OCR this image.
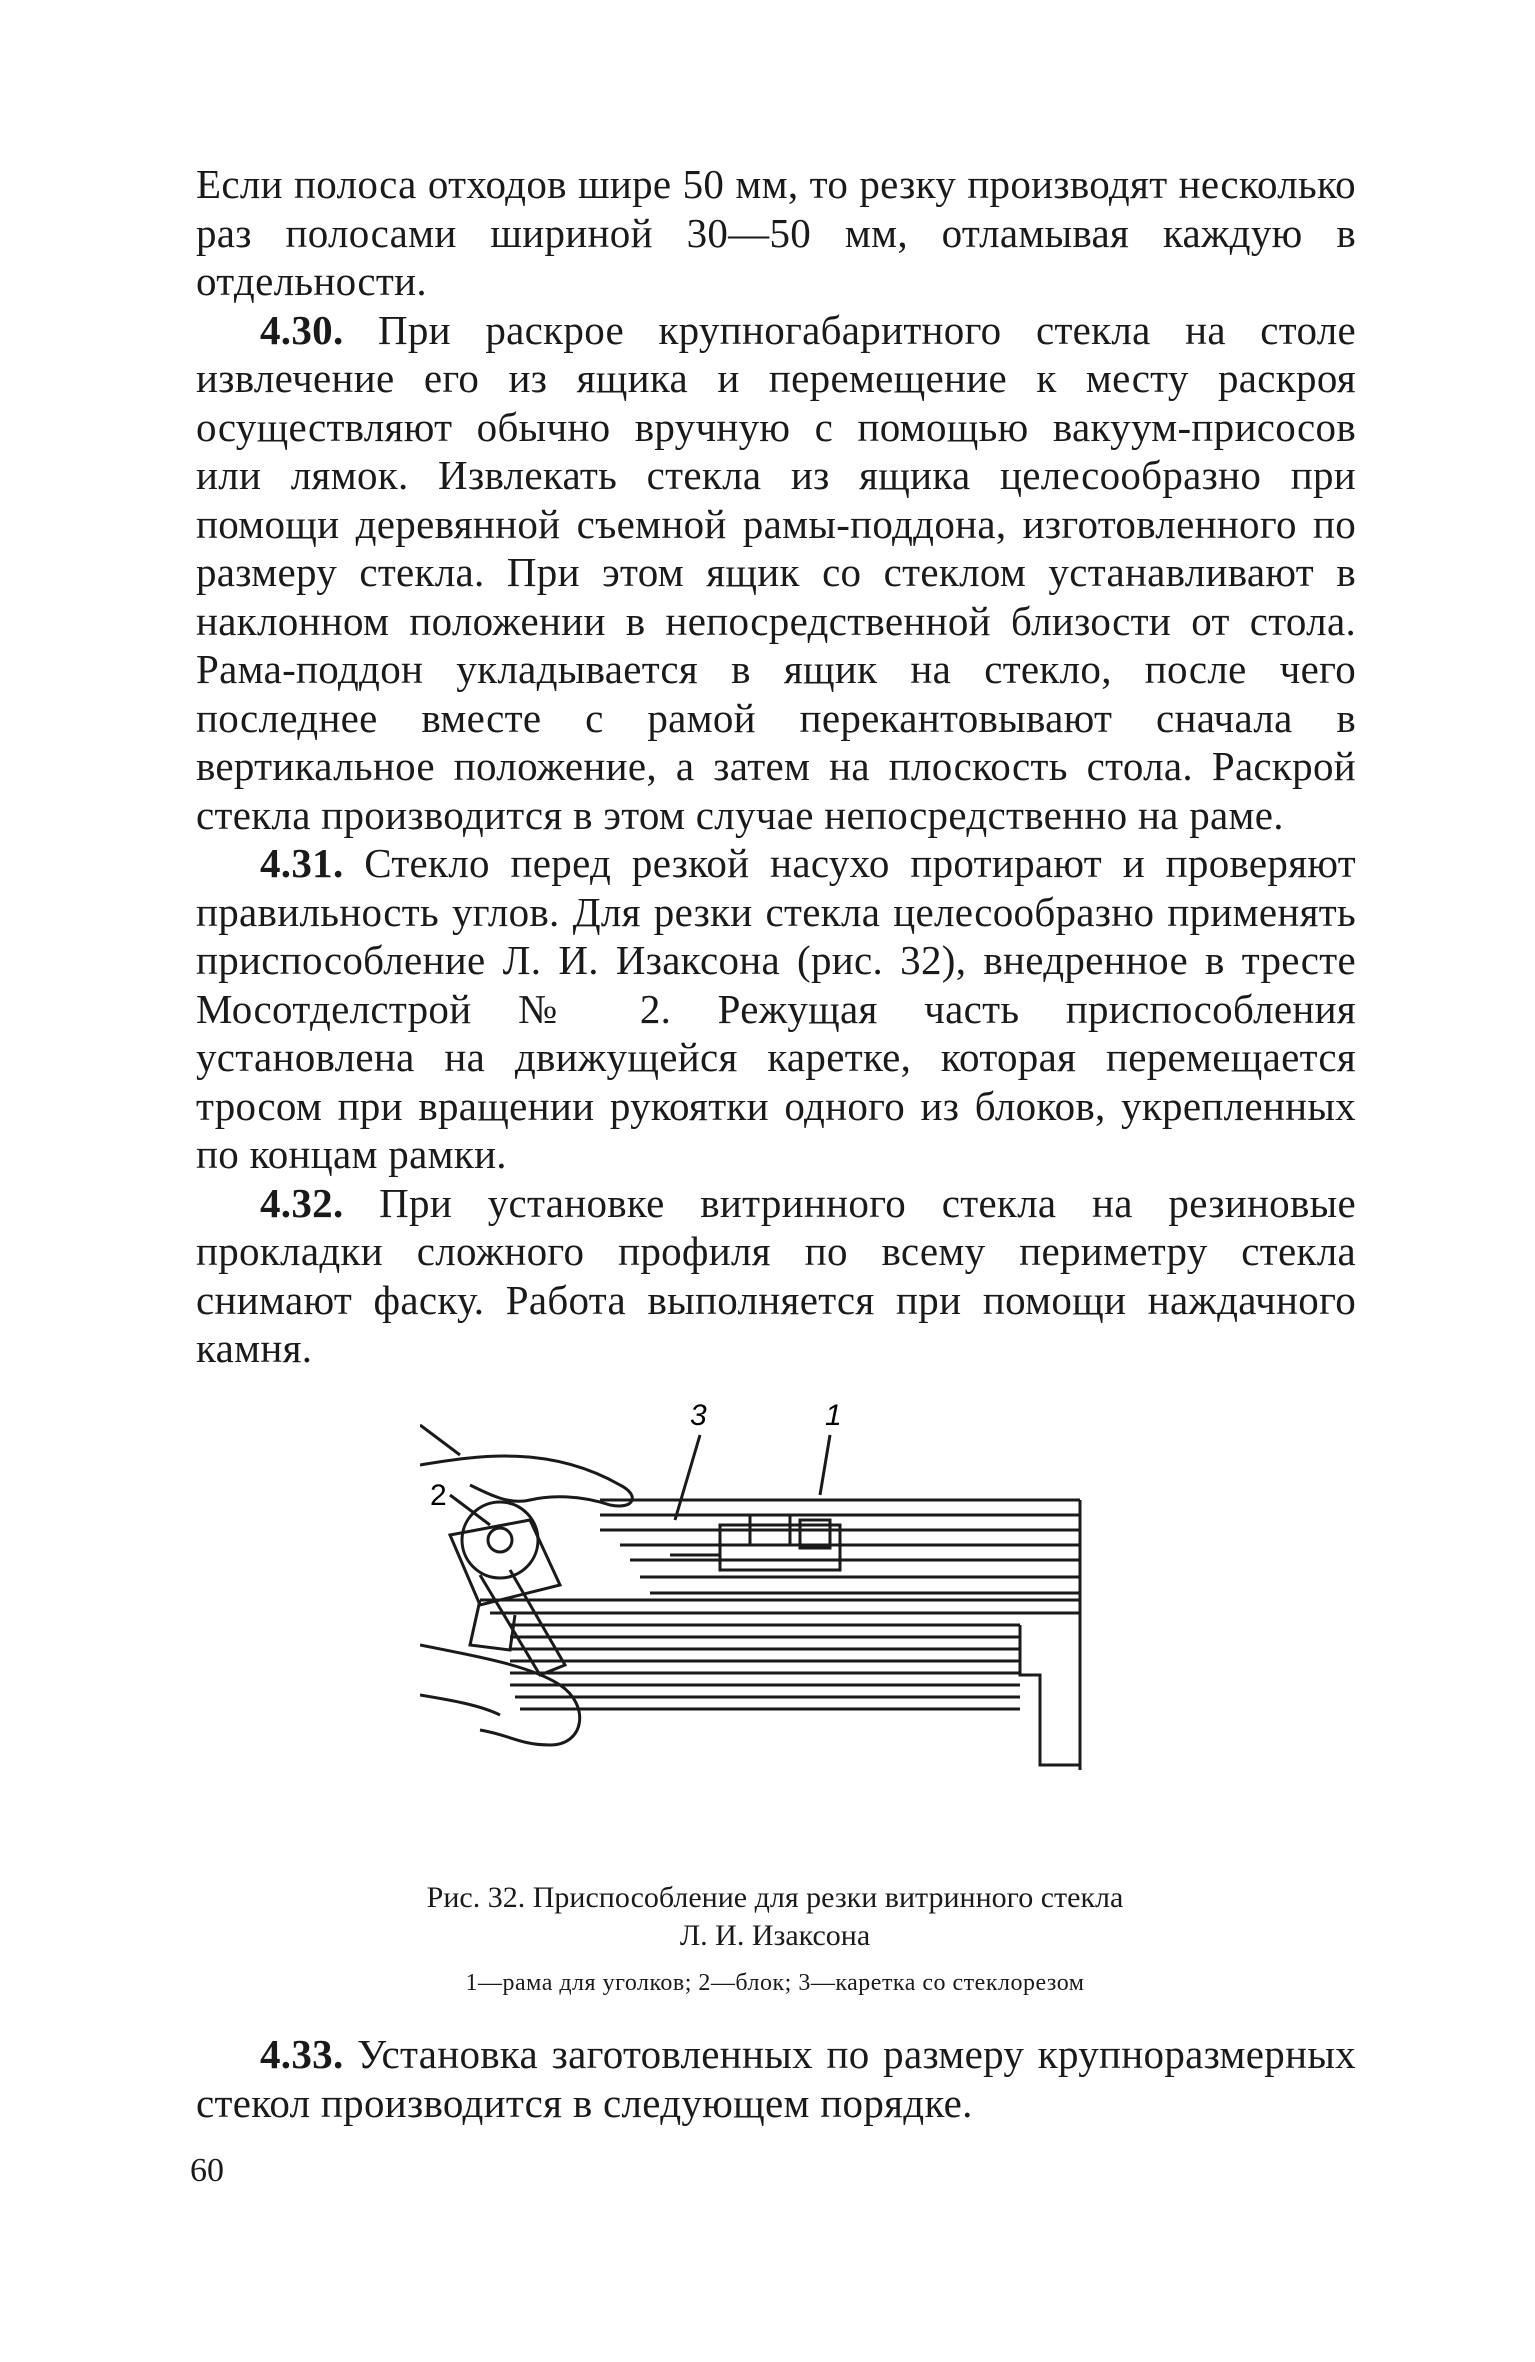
Если полоса отходов шире 50 мм, то резку производят несколько раз полосами шириной 30—50 мм, отламывая каждую в отдельности.

4.30. При раскрое крупногабаритного стекла на столе извлечение его из ящика и перемещение к месту раскроя осуществляют обычно вручную с помощью вакуум-присосов или лямок. Извлекать стекла из ящика целесообразно при помощи деревянной съемной рамы-поддона, изготовленного по размеру стекла. При этом ящик со стеклом устанавливают в наклонном положении в непосредственной близости от стола. Рама-поддон укладывается в ящик на стекло, после чего последнее вместе с рамой перекантовывают сначала в вертикальное положение, а затем на плоскость стола. Раскрой стекла производится в этом случае непосредственно на раме.

4.31. Стекло перед резкой насухо протирают и проверяют правильность углов. Для резки стекла целесообразно применять приспособление Л. И. Изаксона (рис. 32), внедренное в тресте Мосотделстрой № 2. Режущая часть приспособления установлена на движущейся каретке, которая перемещается тросом при вращении рукоятки одного из блоков, укрепленных по концам рамки.

4.32. При установке витринного стекла на резиновые прокладки сложного профиля по всему периметру стекла снимают фаску. Работа выполняется при помощи наждачного камня.

2
3	1
Рис. 32. Приспособление для резки витринного стекла
Л. И. Изаксона
1—рама для уголков; 2—блок; 3—каретка со стеклорезом

4.33. Установка заготовленных по размеру крупноразмерных стекол производится в следующем порядке.

60
